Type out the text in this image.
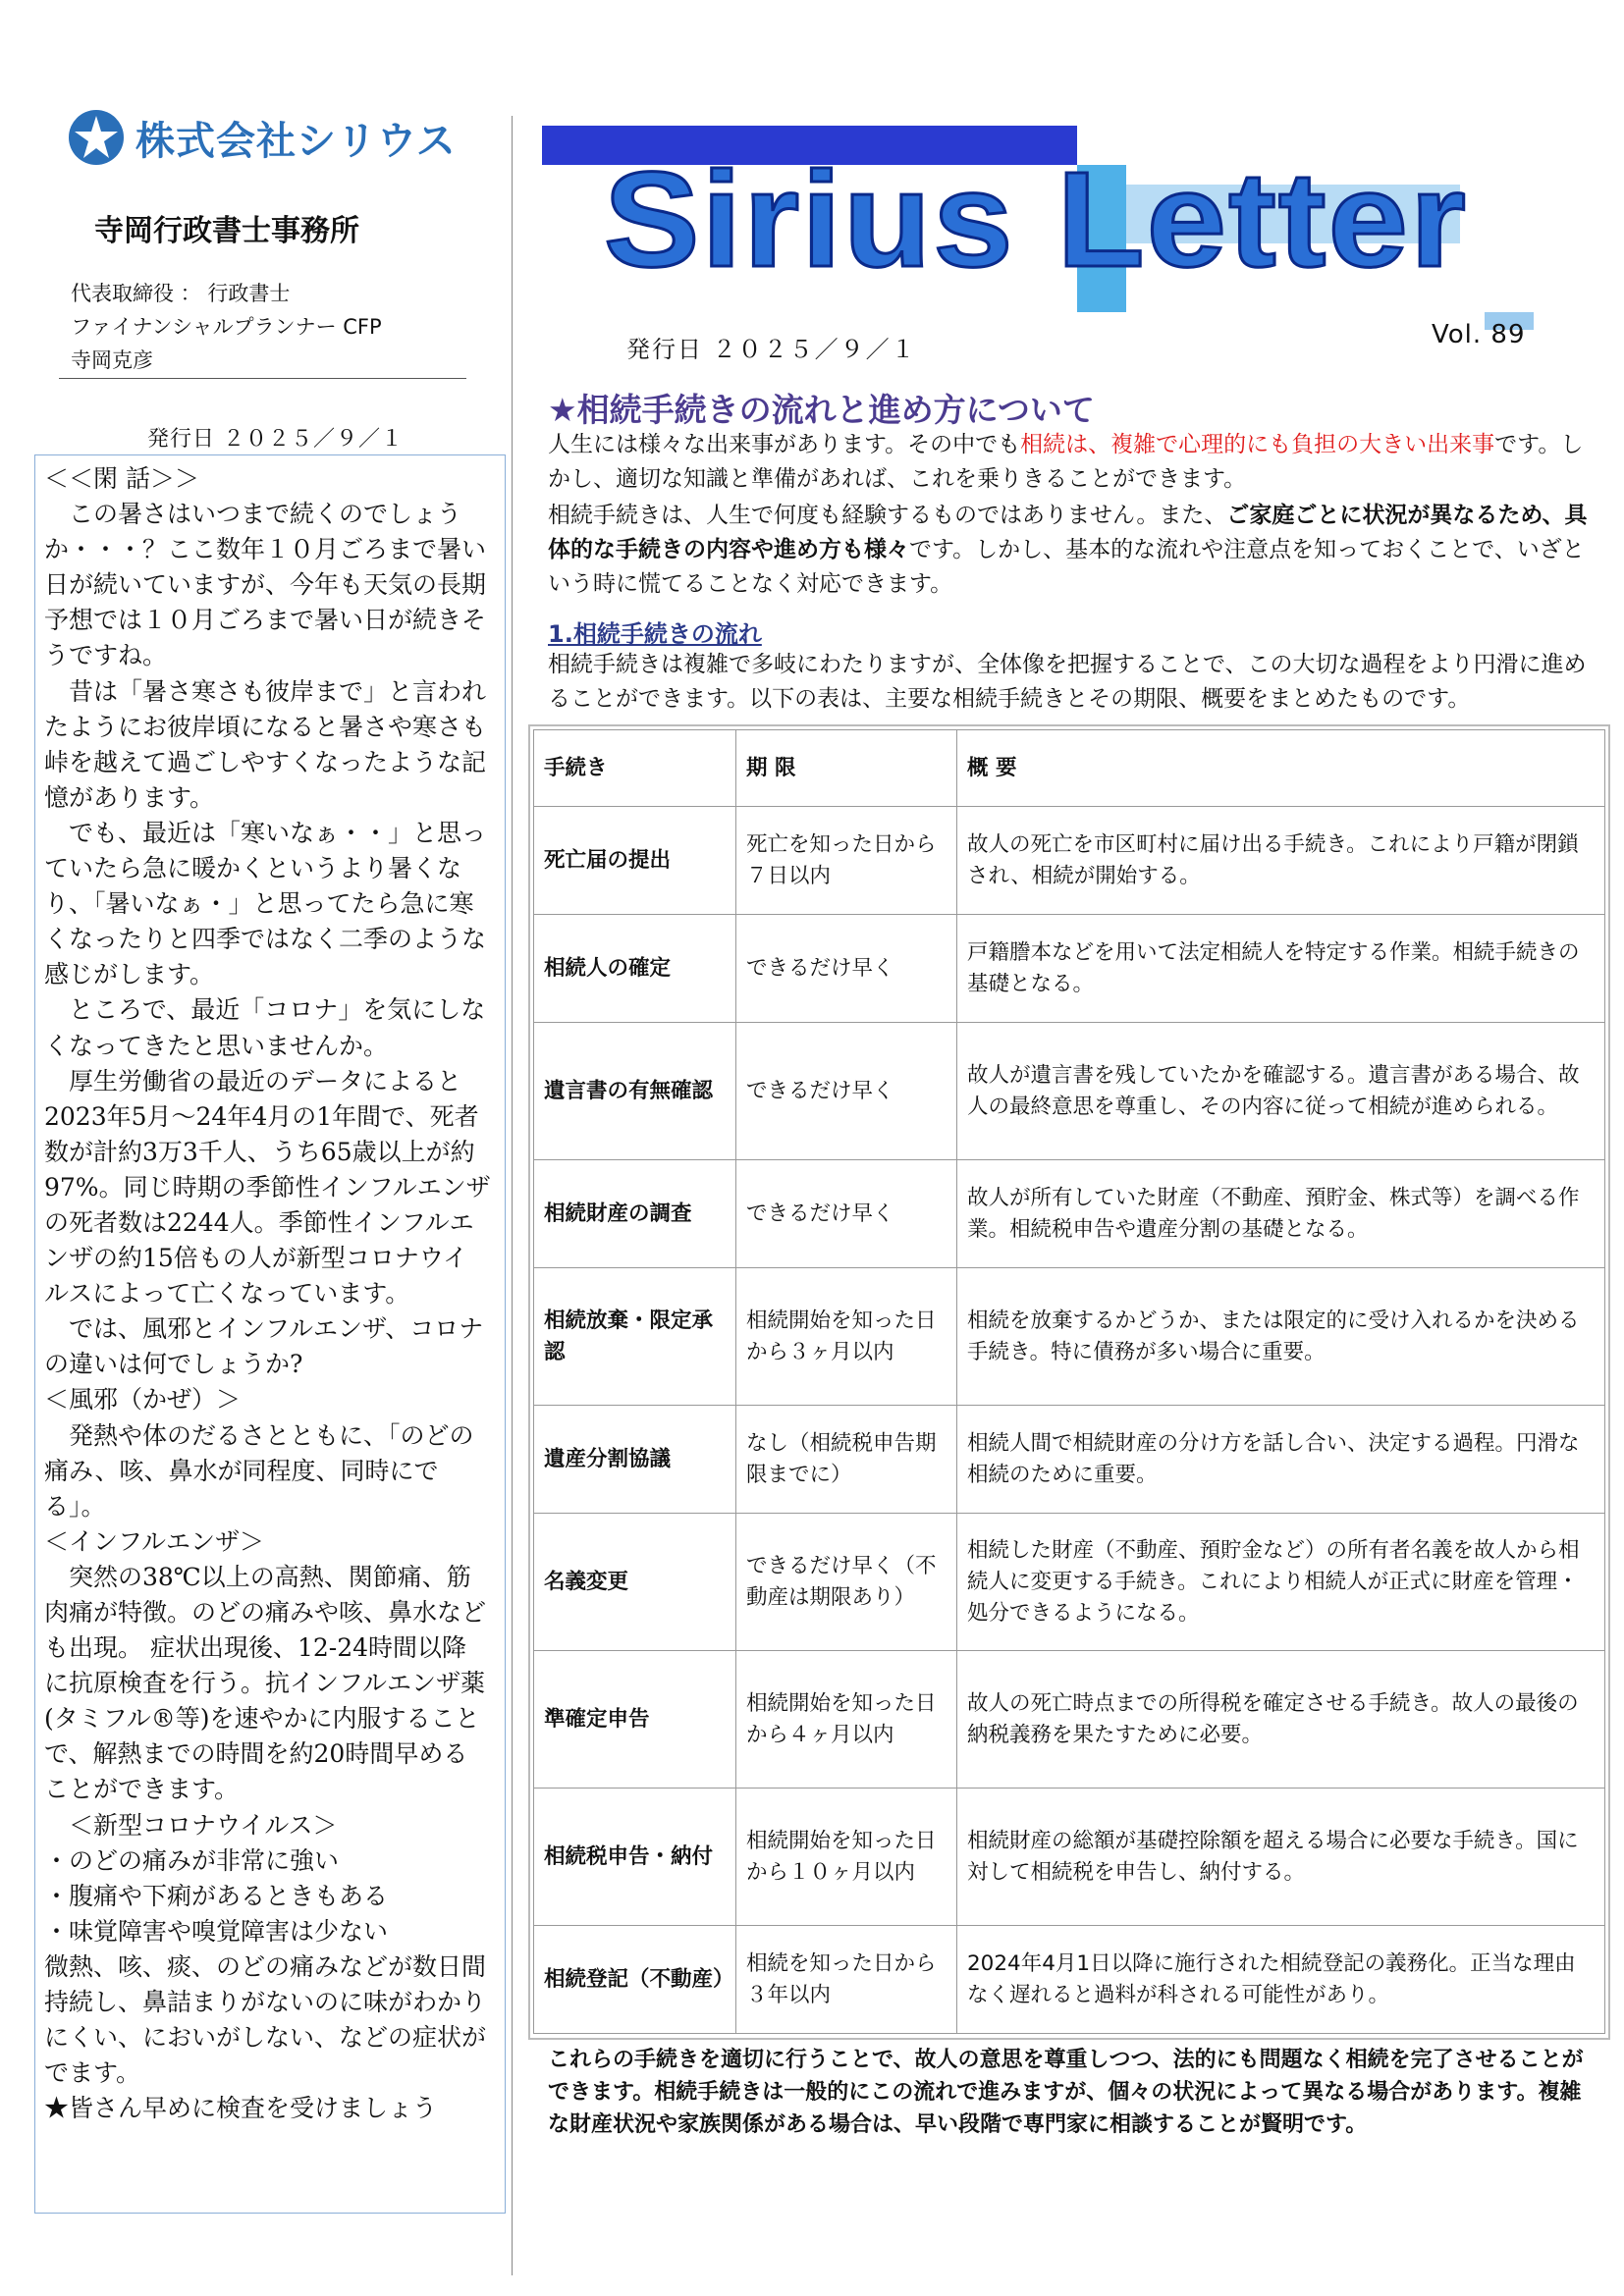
株式会社シリウス
寺岡行政書士事務所
代表取締役 ： 行政書士
ファイナンシャルプランナー CFP
寺岡克彦
発行日 ２０２５／９／１

＜＜閑 話＞＞

　この暑さはいつまで続くのでしょうか・・・？ここ数年１０月ごろまで暑い日が続いていますが、今年も天気の長期予想では１０月ごろまで暑い日が続きそうですね。

　昔は「暑さ寒さも彼岸まで」と言われたようにお彼岸頃になると暑さや寒さも峠を越えて過ごしやすくなったような記憶があります。

　でも、最近は「寒いなぁ・・」と思っていたら急に暖かくというより暑くなり、「暑いなぁ・」と思ってたら急に寒くなったりと四季ではなく二季のような感じがします。

　ところで、最近「コロナ」を気にしなくなってきたと思いませんか。

　厚生労働省の最近のデータによると2023年5月～24年4月の1年間で、死者数が計約3万3千人、うち65歳以上が約97%。同じ時期の季節性インフルエンザの死者数は2244人。季節性インフルエンザの約15倍もの人が新型コロナウイルスによって亡くなっています。

　では、風邪とインフルエンザ、コロナの違いは何でしょうか?

＜風邪（かぜ）＞

　発熱や体のだるさとともに、「のどの痛み、咳、鼻水が同程度、同時にでる」。

＜インフルエンザ＞

　突然の38℃以上の高熱、関節痛、筋肉痛が特徴。のどの痛みや咳、鼻水なども出現。 症状出現後、12-24時間以降に抗原検査を行う。抗インフルエンザ薬(タミフル®等)を速やかに内服することで、解熱までの時間を約20時間早めることができます。

　＜新型コロナウイルス＞

・のどの痛みが非常に強い

・腹痛や下痢があるときもある

・味覚障害や嗅覚障害は少ない

微熱、咳、痰、のどの痛みなどが数日間持続し、鼻詰まりがないのに味がわかりにくい、においがしない、などの症状がでます。

★皆さん早めに検査を受けましょう

Sirius Letter
Vol. 89
発行日 ２０２５／９／１
★相続手続きの流れと進め方について
人生には様々な出来事があります。その中でも相続は、複雑で心理的にも負担の大きい出来事です。しかし、適切な知識と準備があれば、これを乗りきることができます。
相続手続きは、人生で何度も経験するものではありません。また、ご家庭ごとに状況が異なるため、具体的な手続きの内容や進め方も様々です。しかし、基本的な流れや注意点を知っておくことで、いざという時に慌てることなく対応できます。
1.相続手続きの流れ
相続手続きは複雑で多岐にわたりますが、全体像を把握することで、この大切な過程をより円滑に進めることができます。以下の表は、主要な相続手続きとその期限、概要をまとめたものです。
手続き	期 限	概 要
死亡届の提出	死亡を知った日から７日以内	故人の死亡を市区町村に届け出る手続き。これにより戸籍が閉鎖され、相続が開始する。
相続人の確定	できるだけ早く	戸籍謄本などを用いて法定相続人を特定する作業。相続手続きの基礎となる。
遺言書の有無確認	できるだけ早く	故人が遺言書を残していたかを確認する。遺言書がある場合、故人の最終意思を尊重し、その内容に従って相続が進められる。
相続財産の調査	できるだけ早く	故人が所有していた財産（不動産、預貯金、株式等）を調べる作業。相続税申告や遺産分割の基礎となる。
相続放棄・限定承認	相続開始を知った日から３ヶ月以内	相続を放棄するかどうか、または限定的に受け入れるかを決める手続き。特に債務が多い場合に重要。
遺産分割協議	なし（相続税申告期限までに）	相続人間で相続財産の分け方を話し合い、決定する過程。円滑な相続のために重要。
名義変更	できるだけ早く（不動産は期限あり）	相続した財産（不動産、預貯金など）の所有者名義を故人から相続人に変更する手続き。これにより相続人が正式に財産を管理・処分できるようになる。
準確定申告	相続開始を知った日から４ヶ月以内	故人の死亡時点までの所得税を確定させる手続き。故人の最後の納税義務を果たすために必要。
相続税申告・納付	相続開始を知った日から１０ヶ月以内	相続財産の総額が基礎控除額を超える場合に必要な手続き。国に対して相続税を申告し、納付する。
相続登記（不動産）	相続を知った日から３年以内	2024年4月1日以降に施行された相続登記の義務化。正当な理由なく遅れると過料が科される可能性があり。
これらの手続きを適切に行うことで、故人の意思を尊重しつつ、法的にも問題なく相続を完了させることができます。相続手続きは一般的にこの流れで進みますが、個々の状況によって異なる場合があります。複雑な財産状況や家族関係がある場合は、早い段階で専門家に相談することが賢明です。
